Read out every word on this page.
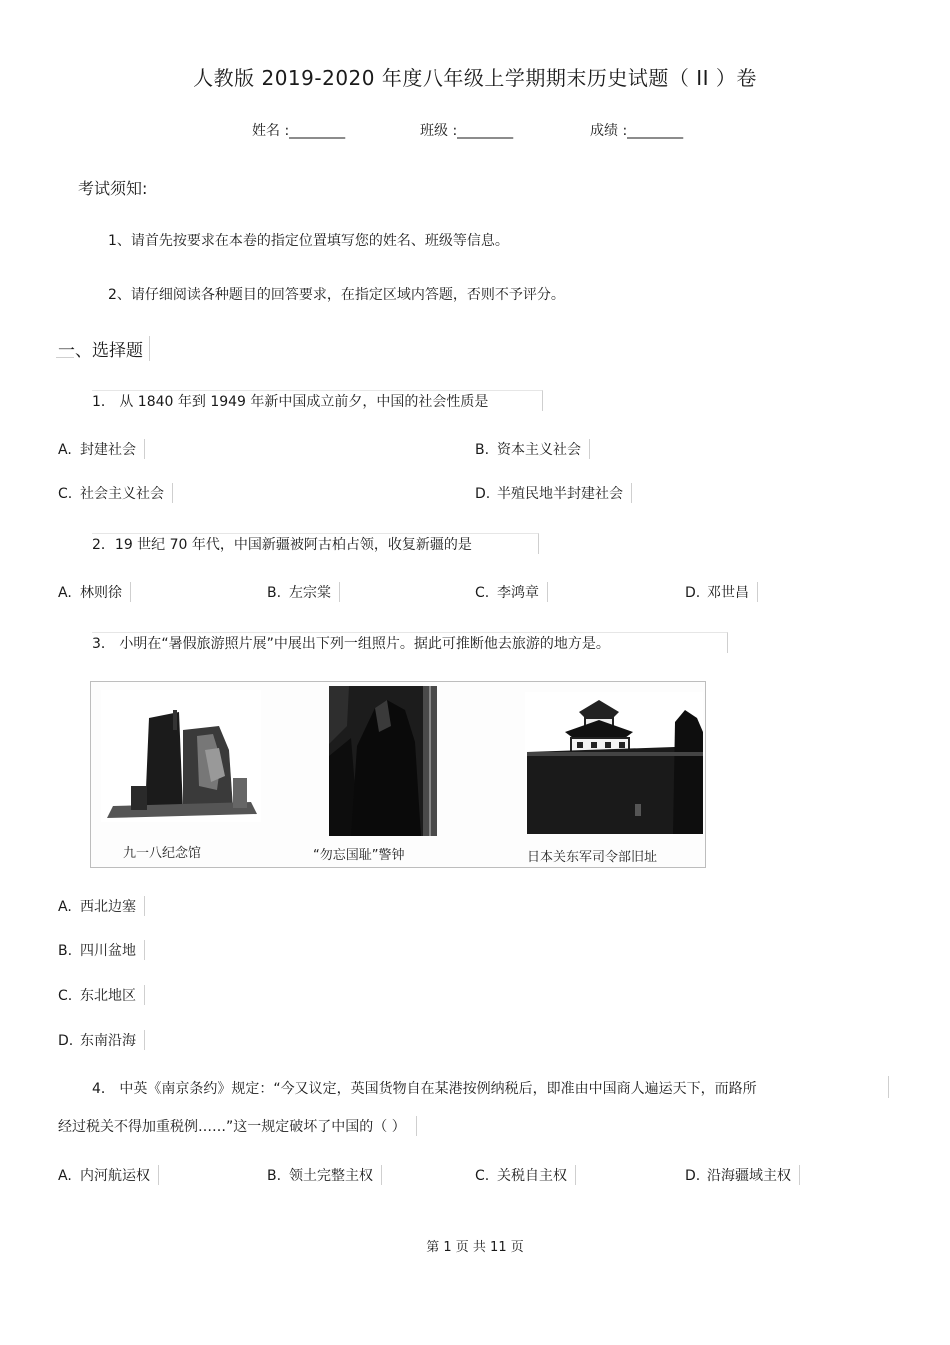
人教版 2019-2020 年度八年级上学期期末历史试题（ II ）卷
姓名 :________	班级 :________	成绩 :________
考试须知:
1、请首先按要求在本卷的指定位置填写您的姓名、班级等信息。
2、请仔细阅读各种题目的回答要求，在指定区域内答题，否则不予评分。
一、选择题
1． 从 1840 年到 1949 年新中国成立前夕，中国的社会性质是
A. 封建社会	B. 资本主义社会
C. 社会主义社会	D. 半殖民地半封建社会
2．19 世纪 70 年代，中国新疆被阿古柏占领，收复新疆的是
A. 林则徐	B. 左宗棠	C. 李鸿章	D. 邓世昌
3． 小明在“暑假旅游照片展”中展出下列一组照片。据此可推断他去旅游的地方是。
九一八纪念馆	“勿忘国耻”警钟	日本关东军司令部旧址
A. 西北边塞
B. 四川盆地
C. 东北地区
D. 东南沿海
4． 中英《南京条约》规定：“今又议定，英国货物自在某港按例纳税后，即准由中国商人遍运天下，而路所
经过税关不得加重税例……”这一规定破坏了中国的（ ）
A. 内河航运权	B. 领土完整主权	C. 关税自主权	D. 沿海疆域主权
第 1 页 共 11 页
